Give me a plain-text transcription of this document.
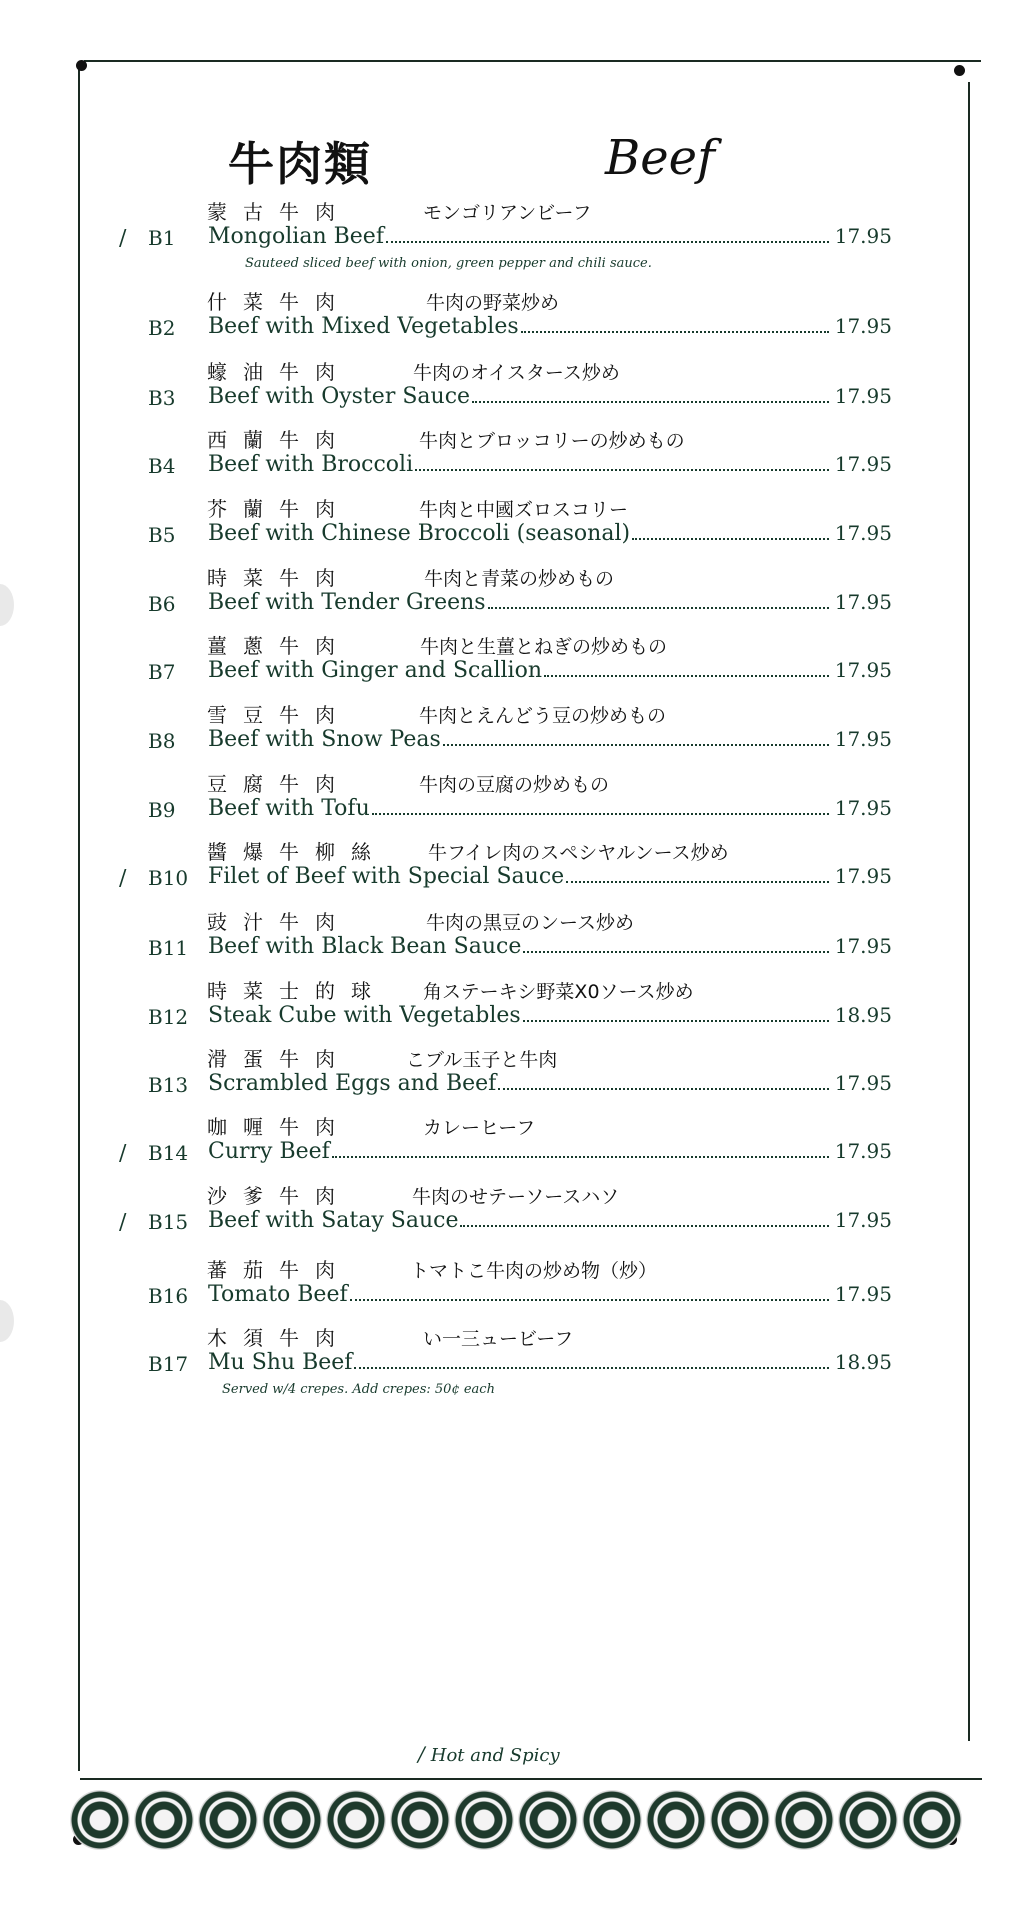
牛肉類	Beef
蒙古牛肉	モンゴリアンビーフ
∕ B1 Mongolian Beef	17.95
Sauteed sliced beef with onion, green pepper and chili sauce.
什菜牛肉	牛肉の野菜炒め
B2 Beef with Mixed Vegetables	17.95
蠔油牛肉	牛肉のオイスタース炒め
B3 Beef with Oyster Sauce	17.95
西蘭牛肉	牛肉とブロッコリーの炒めもの
B4 Beef with Broccoli	17.95
芥蘭牛肉	牛肉と中國ズロスコリー
B5 Beef with Chinese Broccoli (seasonal)	17.95
時菜牛肉	牛肉と青菜の炒めもの
B6 Beef with Tender Greens	17.95
薑蔥牛肉	牛肉と生薑とねぎの炒めもの
B7 Beef with Ginger and Scallion	17.95
雪豆牛肉	牛肉とえんどう豆の炒めもの
B8 Beef with Snow Peas	17.95
豆腐牛肉	牛肉の豆腐の炒めもの
B9 Beef with Tofu	17.95
醬爆牛柳絲 牛フイレ肉のスペシヤルンース炒め
∕ B10 Filet of Beef with Special Sauce	17.95
豉汁牛肉	牛肉の黒豆のンース炒め
B11 Beef with Black Bean Sauce	17.95
時菜士的球 角ステーキシ野菜X0ソース炒め
B12 Steak Cube with Vegetables	18.95
滑蛋牛肉	こブル玉子と牛肉
B13 Scrambled Eggs and Beef	17.95
咖喱牛肉	カレーヒーフ
∕ B14 Curry Beef	17.95
沙爹牛肉	牛肉のせテーソースハソ
∕ B15 Beef with Satay Sauce	17.95
蕃茄牛肉	トマトこ牛肉の炒め物（炒）
B16 Tomato Beef	17.95
木須牛肉	い一三ュービーフ
B17 Mu Shu Beef	18.95
Served w/4 crepes. Add crepes: 50¢ each
∕ Hot and Spicy
